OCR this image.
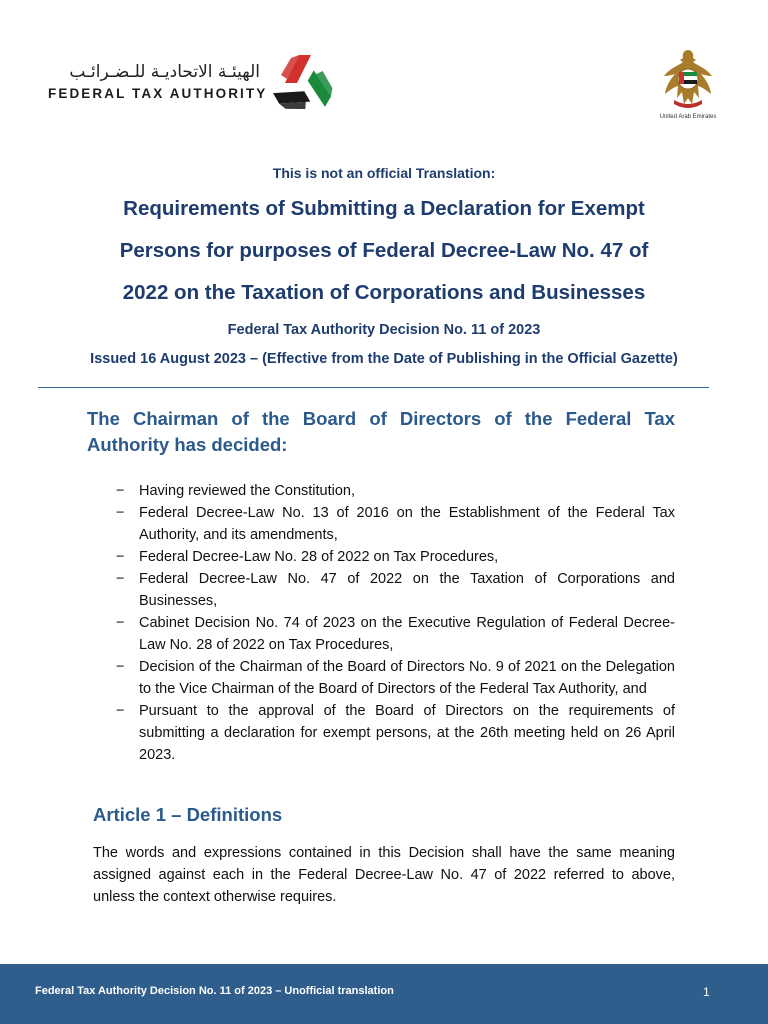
الهيئـة الاتحاديـة للـضـرائـب
FEDERAL TAX AUTHORITY
United Arab Emirates
This is not an official Translation:
Requirements of Submitting a Declaration for Exempt
Persons for purposes of Federal Decree-Law No. 47 of
2022 on the Taxation of Corporations and Businesses
Federal Tax Authority Decision No. 11 of 2023
Issued 16 August 2023 – (Effective from the Date of Publishing in the Official Gazette)
The Chairman of the Board of Directors of the Federal Tax Authority has decided:
− Having reviewed the Constitution,
− Federal Decree-Law No. 13 of 2016 on the Establishment of the Federal Tax Authority, and its amendments,
− Federal Decree-Law No. 28 of 2022 on Tax Procedures,
− Federal Decree-Law No. 47 of 2022 on the Taxation of Corporations and Businesses,
− Cabinet Decision No. 74 of 2023 on the Executive Regulation of Federal Decree-Law No. 28 of 2022 on Tax Procedures,
− Decision of the Chairman of the Board of Directors No. 9 of 2021 on the Delegation to the Vice Chairman of the Board of Directors of the Federal Tax Authority, and
− Pursuant to the approval of the Board of Directors on the requirements of submitting a declaration for exempt persons, at the 26th meeting held on 26 April 2023.
Article 1 – Definitions
The words and expressions contained in this Decision shall have the same meaning assigned against each in the Federal Decree-Law No. 47 of 2022 referred to above, unless the context otherwise requires.
Federal Tax Authority Decision No. 11 of 2023 – Unofficial translation	1
